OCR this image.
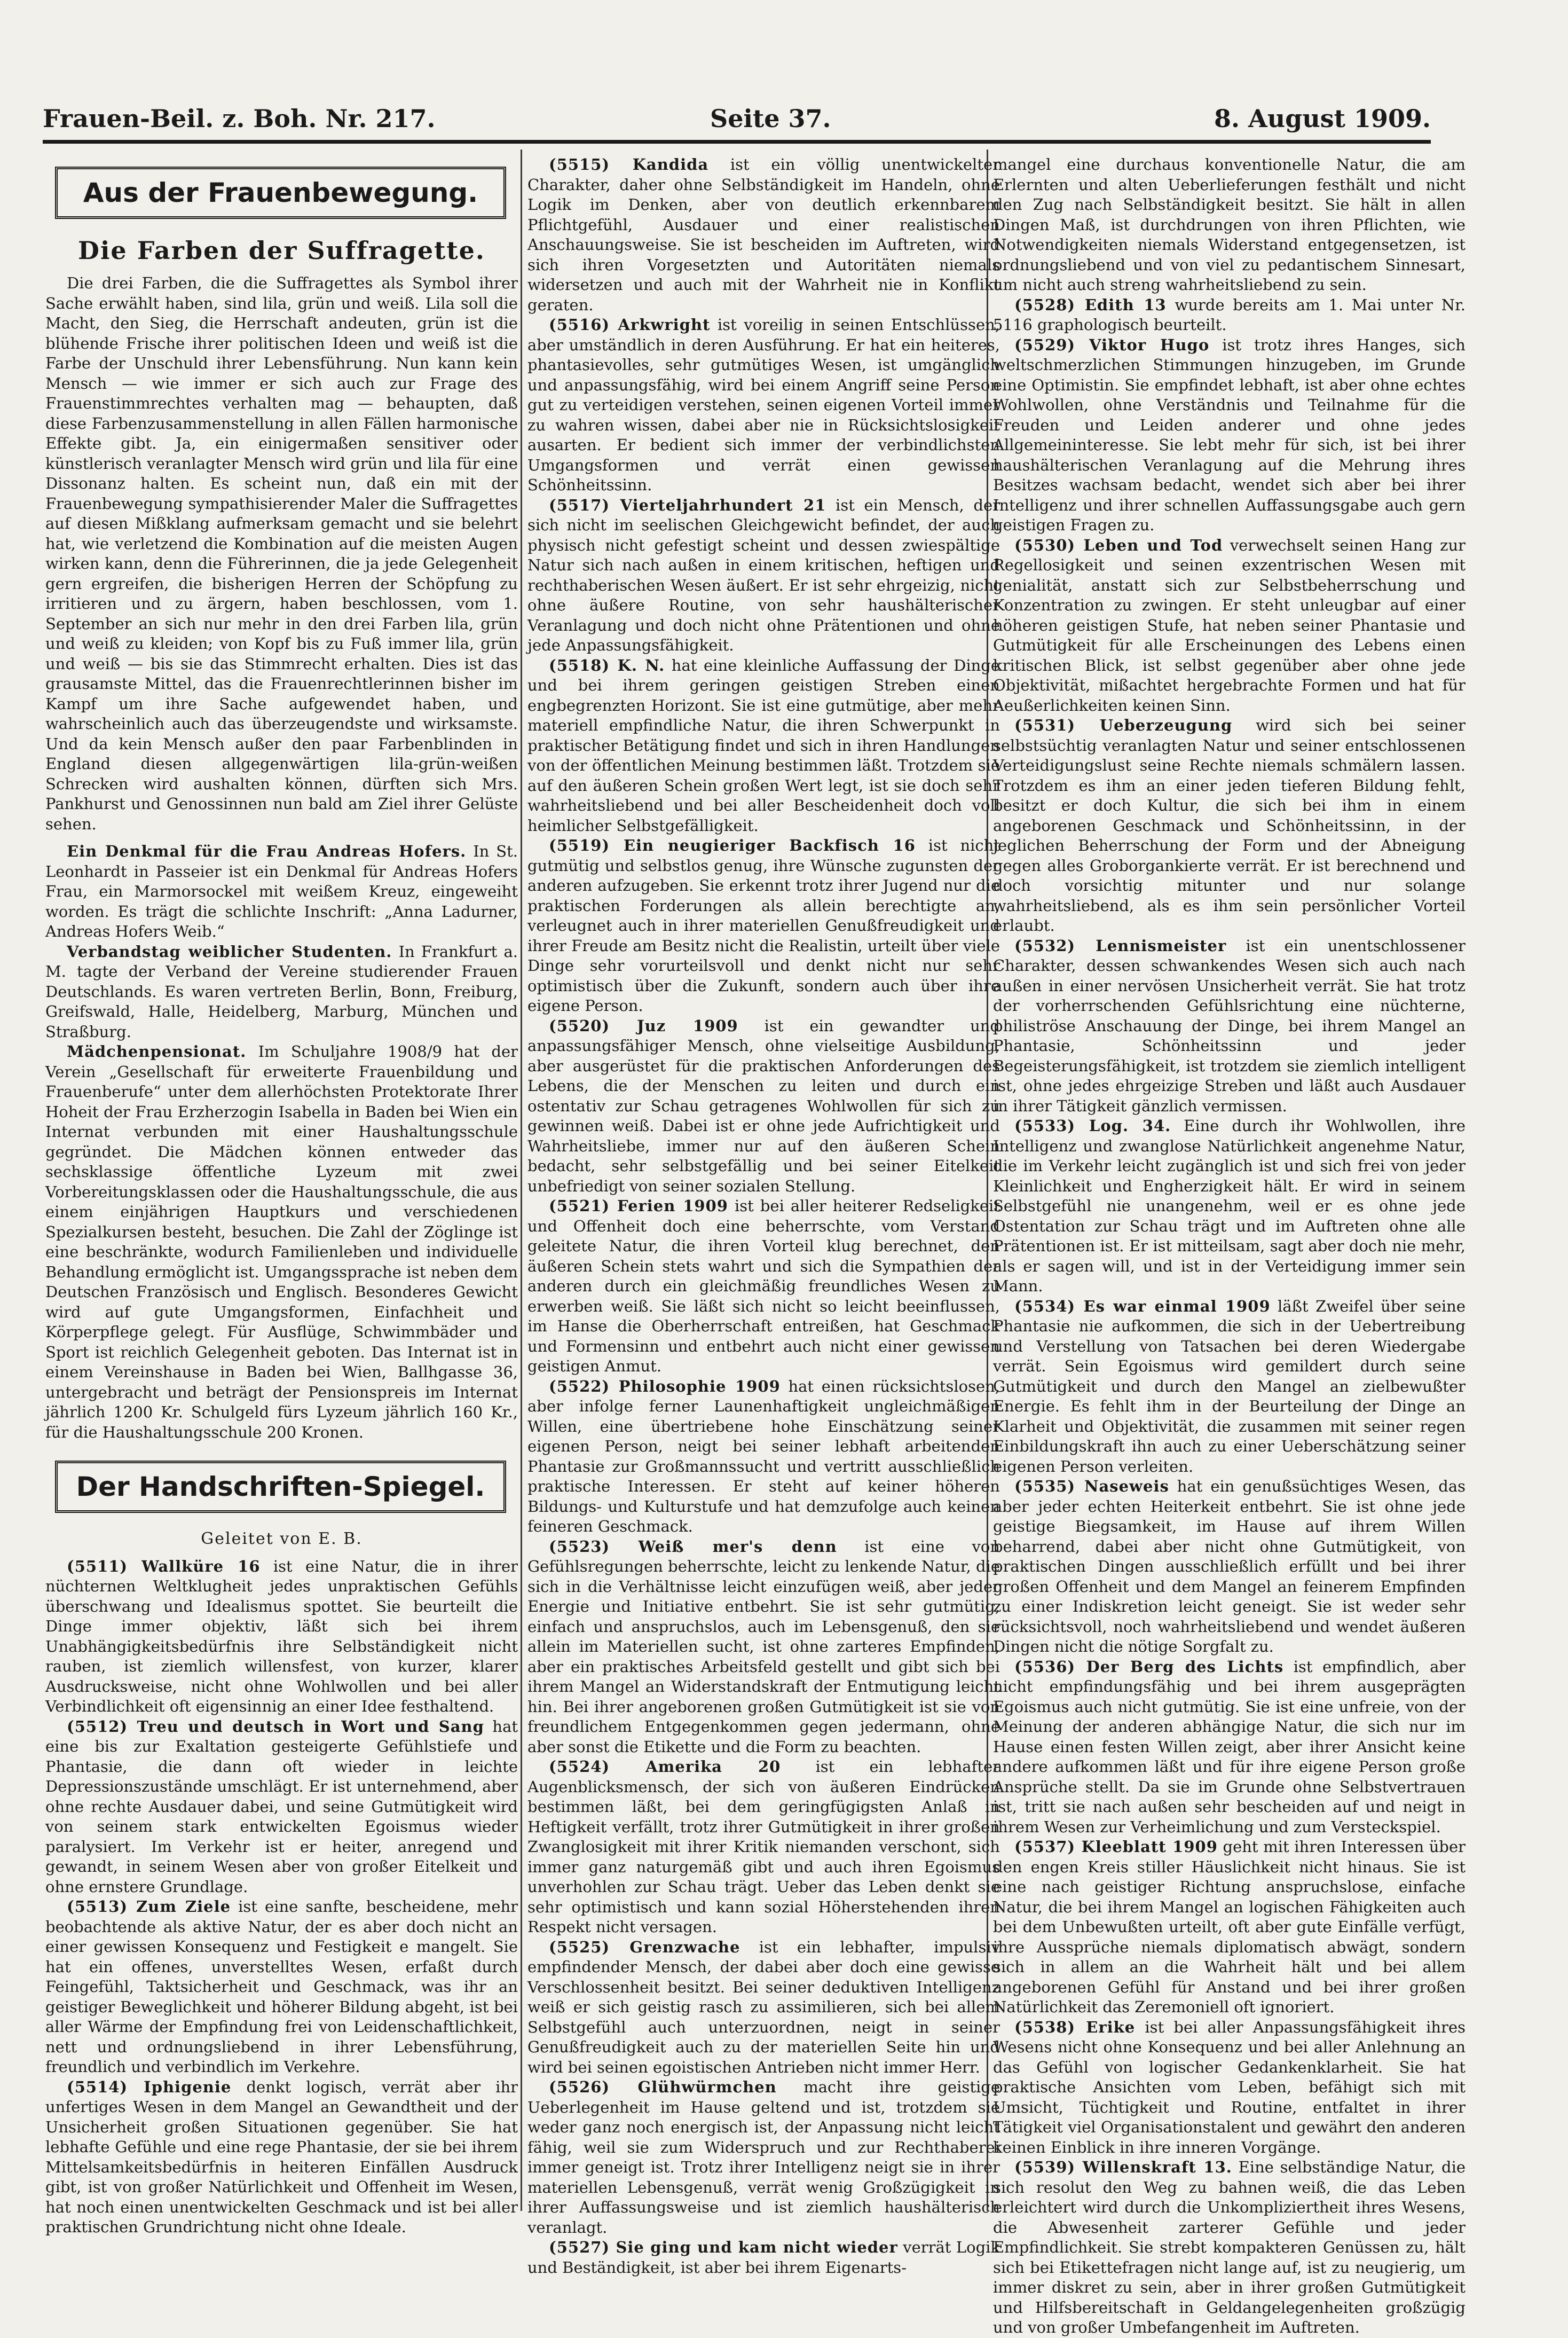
Frauen-Beil. z. Boh. Nr. 217.	Seite 37.	8. August 1909.
Aus der Frauenbewegung.
Die Farben der Suffragette.

Die drei Farben, die die Suffragettes als Symbol ihrer Sache erwählt haben, sind lila, grün und weiß. Lila soll die Macht, den Sieg, die Herrschaft andeuten, grün ist die blühende Frische ihrer politischen Ideen und weiß ist die Farbe der Unschuld ihrer Lebensführung. Nun kann kein Mensch — wie immer er sich auch zur Frage des Frauenstimmrechtes verhalten mag — behaupten, daß diese Farbenzusammenstellung in allen Fällen harmonische Effekte gibt. Ja, ein einigermaßen sensitiver oder künstlerisch veranlagter Mensch wird grün und lila für eine Dissonanz halten. Es scheint nun, daß ein mit der Frauenbewegung sympathisierender Maler die Suffragettes auf diesen Mißklang aufmerksam gemacht und sie belehrt hat, wie verletzend die Kombination auf die meisten Augen wirken kann, denn die Führerinnen, die ja jede Gelegenheit gern ergreifen, die bisherigen Herren der Schöpfung zu irritieren und zu ärgern, haben beschlossen, vom 1. September an sich nur mehr in den drei Farben lila, grün und weiß zu kleiden; von Kopf bis zu Fuß immer lila, grün und weiß — bis sie das Stimmrecht erhalten. Dies ist das grausamste Mittel, das die Frauenrechtlerinnen bisher im Kampf um ihre Sache aufgewendet haben, und wahrscheinlich auch das überzeugendste und wirksamste. Und da kein Mensch außer den paar Farbenblinden in England diesen allgegenwärtigen lila-grün-weißen Schrecken wird aushalten können, dürften sich Mrs. Pankhurst und Genossinnen nun bald am Ziel ihrer Gelüste sehen.

Ein Denkmal für die Frau Andreas Hofers. In St. Leonhardt in Passeier ist ein Denkmal für Andreas Hofers Frau, ein Marmorsockel mit weißem Kreuz, eingeweiht worden. Es trägt die schlichte Inschrift: „Anna Ladurner, Andreas Hofers Weib.“

Verbandstag weiblicher Studenten. In Frankfurt a. M. tagte der Verband der Vereine studierender Frauen Deutschlands. Es waren vertreten Berlin, Bonn, Freiburg, Greifswald, Halle, Heidelberg, Marburg, München und Straßburg.

Mädchenpensionat. Im Schuljahre 1908/9 hat der Verein „Gesellschaft für erweiterte Frauenbildung und Frauenberufe“ unter dem allerhöchsten Protektorate Ihrer Hoheit der Frau Erzherzogin Isabella in Baden bei Wien ein Internat verbunden mit einer Haushaltungsschule gegründet. Die Mädchen können entweder das sechsklassige öffentliche Lyzeum mit zwei Vorbereitungsklassen oder die Haushaltungsschule, die aus einem einjährigen Hauptkurs und verschiedenen Spezialkursen besteht, besuchen. Die Zahl der Zöglinge ist eine beschränkte, wodurch Familienleben und individuelle Behandlung ermöglicht ist. Umgangssprache ist neben dem Deutschen Französisch und Englisch. Besonderes Gewicht wird auf gute Umgangsformen, Einfachheit und Körperpflege gelegt. Für Ausflüge, Schwimmbäder und Sport ist reichlich Gelegenheit geboten. Das Internat ist in einem Vereinshause in Baden bei Wien, Ballhgasse 36, untergebracht und beträgt der Pensionspreis im Internat jährlich 1200 Kr. Schulgeld fürs Lyzeum jährlich 160 Kr., für die Haushaltungsschule 200 Kronen.

Der Handschriften-Spiegel.
Geleitet von E. B.

(5511) Wallküre 16 ist eine Natur, die in ihrer nüchternen Weltklugheit jedes unpraktischen Gefühls überschwang und Idealismus spottet. Sie beurteilt die Dinge immer objektiv, läßt sich bei ihrem Unabhängigkeitsbedürfnis ihre Selbständigkeit nicht rauben, ist ziemlich willensfest, von kurzer, klarer Ausdrucksweise, nicht ohne Wohlwollen und bei aller Verbindlichkeit oft eigensinnig an einer Idee festhaltend.

(5512) Treu und deutsch in Wort und Sang hat eine bis zur Exaltation gesteigerte Gefühlstiefe und Phantasie, die dann oft wieder in leichte Depressionszustände umschlägt. Er ist unternehmend, aber ohne rechte Ausdauer dabei, und seine Gutmütigkeit wird von seinem stark entwickelten Egoismus wieder paralysiert. Im Verkehr ist er heiter, anregend und gewandt, in seinem Wesen aber von großer Eitelkeit und ohne ernstere Grundlage.

(5513) Zum Ziele ist eine sanfte, bescheidene, mehr beobachtende als aktive Natur, der es aber doch nicht an einer gewissen Konsequenz und Festigkeit e mangelt. Sie hat ein offenes, unverstelltes Wesen, erfaßt durch Feingefühl, Taktsicherheit und Geschmack, was ihr an geistiger Beweglichkeit und höherer Bildung abgeht, ist bei aller Wärme der Empfindung frei von Leidenschaftlichkeit, nett und ordnungsliebend in ihrer Lebensführung, freundlich und verbindlich im Verkehre.

(5514) Iphigenie denkt logisch, verrät aber ihr unfertiges Wesen in dem Mangel an Gewandtheit und der Unsicherheit großen Situationen gegenüber. Sie hat lebhafte Gefühle und eine rege Phantasie, der sie bei ihrem Mittelsamkeitsbedürfnis in heiteren Einfällen Ausdruck gibt, ist von großer Natürlichkeit und Offenheit im Wesen, hat noch einen unentwickelten Geschmack und ist bei aller praktischen Grundrichtung nicht ohne Ideale.

(5515) Kandida ist ein völlig unentwickelter Charakter, daher ohne Selbständigkeit im Handeln, ohne Logik im Denken, aber von deutlich erkennbarem Pflichtgefühl, Ausdauer und einer realistischen Anschauungsweise. Sie ist bescheiden im Auftreten, wird sich ihren Vorgesetzten und Autoritäten niemals widersetzen und auch mit der Wahrheit nie in Konflikt geraten.

(5516) Arkwright ist voreilig in seinen Entschlüssen, aber umständlich in deren Ausführung. Er hat ein heiteres, phantasievolles, sehr gutmütiges Wesen, ist umgänglich und anpassungsfähig, wird bei einem Angriff seine Person gut zu verteidigen verstehen, seinen eigenen Vorteil immer zu wahren wissen, dabei aber nie in Rücksichtslosigkeit ausarten. Er bedient sich immer der verbindlichsten Umgangsformen und verrät einen gewissen Schönheitssinn.

(5517) Vierteljahrhundert 21 ist ein Mensch, der sich nicht im seelischen Gleichgewicht befindet, der auch physisch nicht gefestigt scheint und dessen zwiespältige Natur sich nach außen in einem kritischen, heftigen und rechthaberischen Wesen äußert. Er ist sehr ehrgeizig, nicht ohne äußere Routine, von sehr haushälterischer Veranlagung und doch nicht ohne Prätentionen und ohne jede Anpassungsfähigkeit.

(5518) K. N. hat eine kleinliche Auffassung der Dinge und bei ihrem geringen geistigen Streben einen engbegrenzten Horizont. Sie ist eine gutmütige, aber mehr materiell empfindliche Natur, die ihren Schwerpunkt in praktischer Betätigung findet und sich in ihren Handlungen von der öffentlichen Meinung bestimmen läßt. Trotzdem sie auf den äußeren Schein großen Wert legt, ist sie doch sehr wahrheitsliebend und bei aller Bescheidenheit doch voll heimlicher Selbstgefälligkeit.

(5519) Ein neugieriger Backfisch 16 ist nicht gutmütig und selbstlos genug, ihre Wünsche zugunsten der anderen aufzugeben. Sie erkennt trotz ihrer Jugend nur die praktischen Forderungen als allein berechtigte an, verleugnet auch in ihrer materiellen Genußfreudigkeit und ihrer Freude am Besitz nicht die Realistin, urteilt über viele Dinge sehr vorurteilsvoll und denkt nicht nur sehr optimistisch über die Zukunft, sondern auch über ihre eigene Person.

(5520) Juz 1909 ist ein gewandter und anpassungsfähiger Mensch, ohne vielseitige Ausbildung, aber ausgerüstet für die praktischen Anforderungen des Lebens, die der Menschen zu leiten und durch ein ostentativ zur Schau getragenes Wohlwollen für sich zu gewinnen weiß. Dabei ist er ohne jede Aufrichtigkeit und Wahrheitsliebe, immer nur auf den äußeren Schein bedacht, sehr selbstgefällig und bei seiner Eitelkeit unbefriedigt von seiner sozialen Stellung.

(5521) Ferien 1909 ist bei aller heiterer Redseligkeit und Offenheit doch eine beherrschte, vom Verstand geleitete Natur, die ihren Vorteil klug berechnet, den äußeren Schein stets wahrt und sich die Sympathien der anderen durch ein gleichmäßig freundliches Wesen zu erwerben weiß. Sie läßt sich nicht so leicht beeinflussen, im Hanse die Oberherrschaft entreißen, hat Geschmack und Formensinn und entbehrt auch nicht einer gewissen geistigen Anmut.

(5522) Philosophie 1909 hat einen rücksichtslosen, aber infolge ferner Launenhaftigkeit ungleichmäßigen Willen, eine übertriebene hohe Einschätzung seiner eigenen Person, neigt bei seiner lebhaft arbeitenden Phantasie zur Großmannssucht und vertritt ausschließlich praktische Interessen. Er steht auf keiner höheren Bildungs- und Kulturstufe und hat demzufolge auch keinen feineren Geschmack.

(5523) Weiß mer's denn ist eine von Gefühlsregungen beherrschte, leicht zu lenkende Natur, die sich in die Verhältnisse leicht einzufügen weiß, aber jeder Energie und Initiative entbehrt. Sie ist sehr gutmütig, einfach und anspruchslos, auch im Lebensgenuß, den sie allein im Materiellen sucht, ist ohne zarteres Empfinden, aber ein praktisches Arbeitsfeld gestellt und gibt sich bei ihrem Mangel an Widerstandskraft der Entmutigung leicht hin. Bei ihrer angeborenen großen Gutmütigkeit ist sie von freundlichem Entgegenkommen gegen jedermann, ohne aber sonst die Etikette und die Form zu beachten.

(5524) Amerika 20 ist ein lebhafter Augenblicksmensch, der sich von äußeren Eindrücken bestimmen läßt, bei dem geringfügigsten Anlaß in Heftigkeit verfällt, trotz ihrer Gutmütigkeit in ihrer großen Zwanglosigkeit mit ihrer Kritik niemanden verschont, sich immer ganz naturgemäß gibt und auch ihren Egoismus unverhohlen zur Schau trägt. Ueber das Leben denkt sie sehr optimistisch und kann sozial Höherstehenden ihren Respekt nicht versagen.

(5525) Grenzwache ist ein lebhafter, impulsiv empfindender Mensch, der dabei aber doch eine gewisse Verschlossenheit besitzt. Bei seiner deduktiven Intelligenz weiß er sich geistig rasch zu assimilieren, sich bei allem Selbstgefühl auch unterzuordnen, neigt in seiner Genußfreudigkeit auch zu der materiellen Seite hin und wird bei seinen egoistischen Antrieben nicht immer Herr.

(5526) Glühwürmchen macht ihre geistige Ueberlegenheit im Hause geltend und ist, trotzdem sie weder ganz noch energisch ist, der Anpassung nicht leicht fähig, weil sie zum Widerspruch und zur Rechthaberei immer geneigt ist. Trotz ihrer Intelligenz neigt sie in ihrer materiellen Lebensgenuß, verrät wenig Großzügigkeit in ihrer Auffassungsweise und ist ziemlich haushälterisch veranlagt.

(5527) Sie ging und kam nicht wieder verrät Logik und Beständigkeit, ist aber bei ihrem Eigenarts-

mangel eine durchaus konventionelle Natur, die am Erlernten und alten Ueberlieferungen festhält und nicht den Zug nach Selbständigkeit besitzt. Sie hält in allen Dingen Maß, ist durchdrungen von ihren Pflichten, wie Notwendigkeiten niemals Widerstand entgegensetzen, ist ordnungsliebend und von viel zu pedantischem Sinnesart, um nicht auch streng wahrheitsliebend zu sein.

(5528) Edith 13 wurde bereits am 1. Mai unter Nr. 5116 graphologisch beurteilt.

(5529) Viktor Hugo ist trotz ihres Hanges, sich weltschmerzlichen Stimmungen hinzugeben, im Grunde eine Optimistin. Sie empfindet lebhaft, ist aber ohne echtes Wohlwollen, ohne Verständnis und Teilnahme für die Freuden und Leiden anderer und ohne jedes Allgemeininteresse. Sie lebt mehr für sich, ist bei ihrer haushälterischen Veranlagung auf die Mehrung ihres Besitzes wachsam bedacht, wendet sich aber bei ihrer Intelligenz und ihrer schnellen Auffassungsgabe auch gern geistigen Fragen zu.

(5530) Leben und Tod verwechselt seinen Hang zur Regellosigkeit und seinen exzentrischen Wesen mit genialität, anstatt sich zur Selbstbeherrschung und Konzentration zu zwingen. Er steht unleugbar auf einer höheren geistigen Stufe, hat neben seiner Phantasie und Gutmütigkeit für alle Erscheinungen des Lebens einen kritischen Blick, ist selbst gegenüber aber ohne jede Objektivität, mißachtet hergebrachte Formen und hat für Aeußerlichkeiten keinen Sinn.

(5531) Ueberzeugung wird sich bei seiner selbstsüchtig veranlagten Natur und seiner entschlossenen Verteidigungslust seine Rechte niemals schmälern lassen. Trotzdem es ihm an einer jeden tieferen Bildung fehlt, besitzt er doch Kultur, die sich bei ihm in einem angeborenen Geschmack und Schönheitssinn, in der jeglichen Beherrschung der Form und der Abneigung gegen alles Groborgankierte verrät. Er ist berechnend und doch vorsichtig mitunter und nur solange wahrheitsliebend, als es ihm sein persönlicher Vorteil erlaubt.

(5532) Lennismeister ist ein unentschlossener Charakter, dessen schwankendes Wesen sich auch nach außen in einer nervösen Unsicherheit verrät. Sie hat trotz der vorherrschenden Gefühlsrichtung eine nüchterne, philiströse Anschauung der Dinge, bei ihrem Mangel an Phantasie, Schönheitssinn und jeder Begeisterungsfähigkeit, ist trotzdem sie ziemlich intelligent ist, ohne jedes ehrgeizige Streben und läßt auch Ausdauer in ihrer Tätigkeit gänzlich vermissen.

(5533) Log. 34. Eine durch ihr Wohlwollen, ihre Intelligenz und zwanglose Natürlichkeit angenehme Natur, die im Verkehr leicht zugänglich ist und sich frei von jeder Kleinlichkeit und Engherzigkeit hält. Er wird in seinem Selbstgefühl nie unangenehm, weil er es ohne jede Ostentation zur Schau trägt und im Auftreten ohne alle Prätentionen ist. Er ist mitteilsam, sagt aber doch nie mehr, als er sagen will, und ist in der Verteidigung immer sein Mann.

(5534) Es war einmal 1909 läßt Zweifel über seine Phantasie nie aufkommen, die sich in der Uebertreibung und Verstellung von Tatsachen bei deren Wiedergabe verrät. Sein Egoismus wird gemildert durch seine Gutmütigkeit und durch den Mangel an zielbewußter Energie. Es fehlt ihm in der Beurteilung der Dinge an Klarheit und Objektivität, die zusammen mit seiner regen Einbildungskraft ihn auch zu einer Ueberschätzung seiner eigenen Person verleiten.

(5535) Naseweis hat ein genußsüchtiges Wesen, das aber jeder echten Heiterkeit entbehrt. Sie ist ohne jede geistige Biegsamkeit, im Hause auf ihrem Willen beharrend, dabei aber nicht ohne Gutmütigkeit, von praktischen Dingen ausschließlich erfüllt und bei ihrer großen Offenheit und dem Mangel an feinerem Empfinden zu einer Indiskretion leicht geneigt. Sie ist weder sehr rücksichtsvoll, noch wahrheitsliebend und wendet äußeren Dingen nicht die nötige Sorgfalt zu.

(5536) Der Berg des Lichts ist empfindlich, aber nicht empfindungsfähig und bei ihrem ausgeprägten Egoismus auch nicht gutmütig. Sie ist eine unfreie, von der Meinung der anderen abhängige Natur, die sich nur im Hause einen festen Willen zeigt, aber ihrer Ansicht keine andere aufkommen läßt und für ihre eigene Person große Ansprüche stellt. Da sie im Grunde ohne Selbstvertrauen ist, tritt sie nach außen sehr bescheiden auf und neigt in ihrem Wesen zur Verheimlichung und zum Versteckspiel.

(5537) Kleeblatt 1909 geht mit ihren Interessen über den engen Kreis stiller Häuslichkeit nicht hinaus. Sie ist eine nach geistiger Richtung anspruchslose, einfache Natur, die bei ihrem Mangel an logischen Fähigkeiten auch bei dem Unbewußten urteilt, oft aber gute Einfälle verfügt, ihre Aussprüche niemals diplomatisch abwägt, sondern sich in allem an die Wahrheit hält und bei allem angeborenen Gefühl für Anstand und bei ihrer großen Natürlichkeit das Zeremoniell oft ignoriert.

(5538) Erike ist bei aller Anpassungsfähigkeit ihres Wesens nicht ohne Konsequenz und bei aller Anlehnung an das Gefühl von logischer Gedankenklarheit. Sie hat praktische Ansichten vom Leben, befähigt sich mit Umsicht, Tüchtigkeit und Routine, entfaltet in ihrer Tätigkeit viel Organisationstalent und gewährt den anderen keinen Einblick in ihre inneren Vorgänge.

(5539) Willenskraft 13. Eine selbständige Natur, die sich resolut den Weg zu bahnen weiß, die das Leben erleichtert wird durch die Unkompliziertheit ihres Wesens, die Abwesenheit zarterer Gefühle und jeder Empfindlichkeit. Sie strebt kompakteren Genüssen zu, hält sich bei Etikettefragen nicht lange auf, ist zu neugierig, um immer diskret zu sein, aber in ihrer großen Gutmütigkeit und Hilfsbereitschaft in Geldangelegenheiten großzügig und von großer Umbefangenheit im Auftreten.
